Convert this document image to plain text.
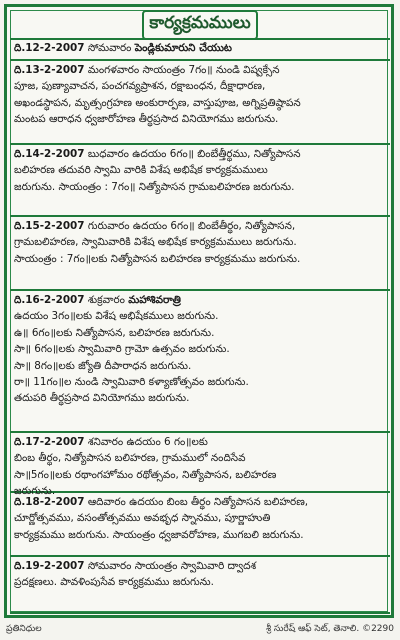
కార్యక్రమములు
ది.12-2-2007 సోమవారం పెండ్లికుమారుని చేయుట
ది.13-2-2007 మంగళవారం సాయంత్రం 7గం॥ నుండి విష్వక్సేన
పూజ, పుణ్యావాచన, పంచగవ్యప్రాశన, రక్షాబంధన, దీక్షాధారణ,
అఖండస్థాపన, మృత్సంగ్రహణ అంకురార్పణ, వాస్తుపూజ, అగ్నిప్రతిష్ఠాపన
మంటప ఆరాధన ధ్వజారోహణ తీర్థప్రసాద వినియోగము జరుగును.
ది.14-2-2007 బుధవారం ఉదయం 6గం॥ బింబేత్తీర్థము, నిత్యోపాసన
బలిహరణ తదువరి స్వామి వారికి విశేష అభిషేక కార్యక్రమములు
జరుగును. సాయంత్రం : 7గం॥ నిత్యోపాసన గ్రామబలిహరణ జరుగును.
ది.15-2-2007 గురువారం ఉదయం 6గం॥ బింబేతీర్థం, నిత్యోపాసన,
గ్రామబలిహరణ, స్వామివారికి విశేష అభిషేక కార్యక్రమములు జరుగును.
సాయంత్రం : 7గం॥లకు నిత్యోపాసన బలిహరణ కార్యక్రమము జరుగును.
ది.16-2-2007 శుక్రవారం మహాశివరాత్రి
ఉదయం 3గం॥లకు విశేష అభిషేకములు జరుగును.
ఉ॥ 6గం॥లకు నిత్యోపాసన, బలిహరణ జరుగును.
సా॥ 6గం॥లకు స్వామివారి గ్రామో ఉత్సవం జరుగును.
సా॥ 8గం॥లకు జ్యోతి దీపారాధన జరుగును.
రా॥ 11గం॥ల నుండి స్వామివారి కళ్యాణోత్సవం జరుగును.
తదుపరి తీర్థప్రసాద వినియోగము జరుగును.
ది.17-2-2007 శనివారం ఉదయం 6 గం॥లకు
బింబ తీర్థం, నిత్యోపాసన బలిహరణ, గ్రామములో నందిసేవ
సా॥5గం॥లకు రథాంగహోమం రథోత్సవం, నిత్యోపాసన, బలిహరణ
జరుగును.
ది.18-2-2007 ఆదివారం ఉదయం బింబ తీర్థం నిత్యోపాసన బలిహరణ,
చూర్ణోత్సవము, వసంతోత్సవము అవభృధ స్నానము, పూర్ణాహుతి
కార్యక్రమము జరుగును. సాయంత్రం ధ్వజావరోహణ, ముగబలి జరుగును.
ది.19-2-2007 సోమవారం సాయంత్రం స్వామివారి ద్వాదశ
ప్రదక్షణలు. పావళింపుసేవ కార్యక్రమము జరుగును.
ప్రతినిధుల	శ్రీ సురేష్ ఆఫ్ సెట్, తెనాలి. ©2290
